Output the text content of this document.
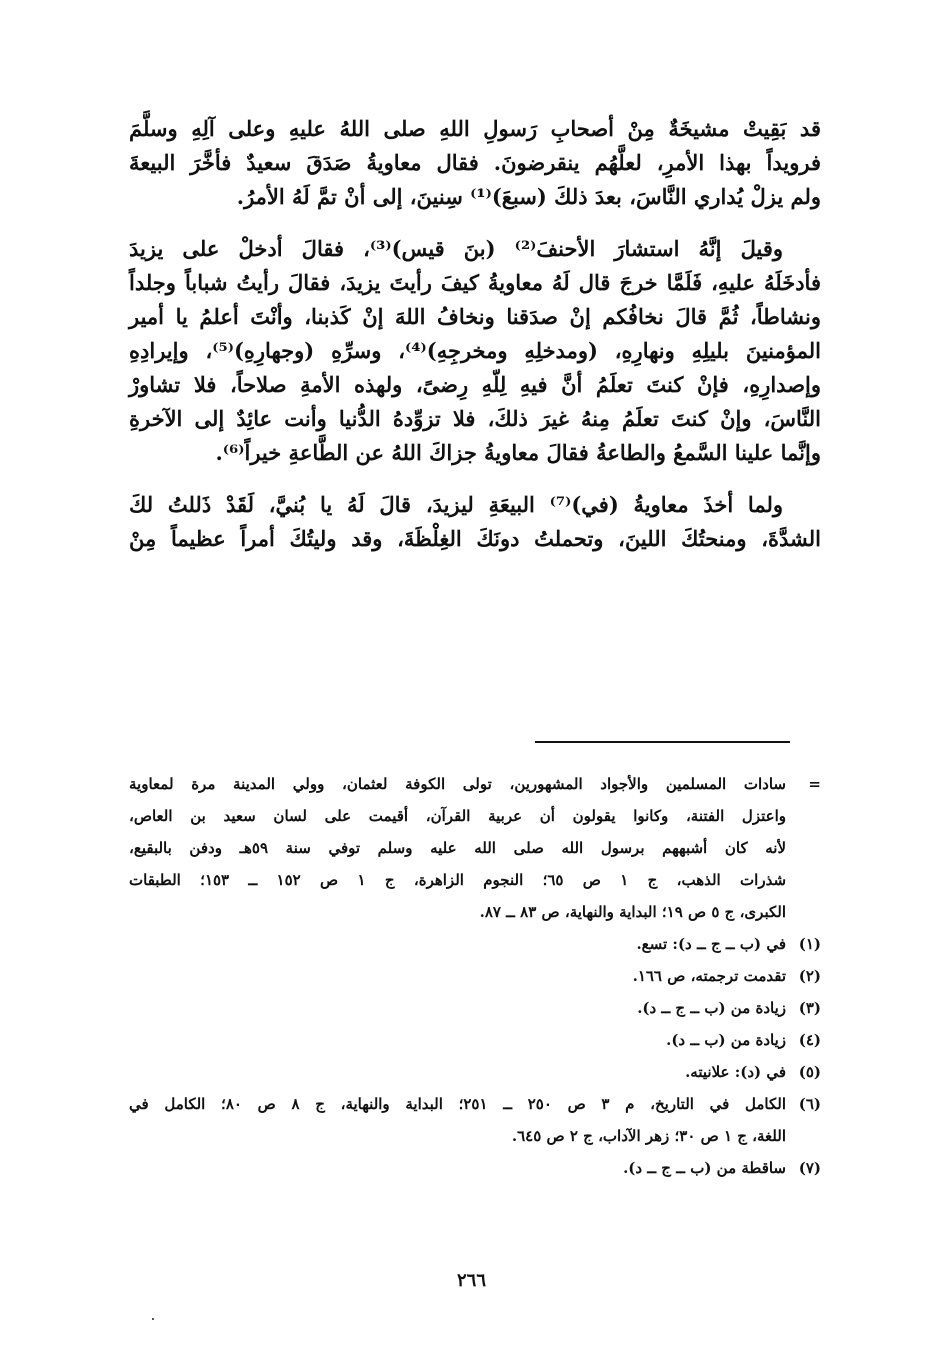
قد بَقِيتْ مشيخَةٌ مِنْ أصحابِ رَسولِ اللهِ صلى اللهُ عليهِ وعلى آلِهِ وسلَّمَ
فرويداً بهذا الأمرِ، لعلَّهُم ينقرضونَ. فقال معاويةُ صَدَقَ سعيدٌ فأخَّرَ البيعةَ
ولم يزلْ يُداري النَّاسَ، بعدَ ذلكَ (سبعَ)⁽¹⁾ سِنينَ، إلى أنْ تمَّ لَهُ الأمرُ.
وقيلَ إنَّهُ استشارَ الأحنفَ⁽²⁾ (بنَ قيس)⁽³⁾، فقالَ أدخلْ على يزيدَ
فأدخَلَهُ عليهِ، فَلَمَّا خرجَ قال لَهُ معاويةُ كيفَ رأيتَ يزيدَ، فقالَ رأيتُ شباباً وجلداً
ونشاطاً، ثُمَّ قالَ نخافُكم إنْ صدَقنا ونخافُ اللهَ إنْ كَذبنا، وأنْتَ أعلمُ يا أمير
المؤمنينَ بليلِهِ ونهارِهِ، (ومدخلِهِ ومخرجِهِ)⁽⁴⁾، وسرِّهِ (وجهارِهِ)⁽⁵⁾، وإيرادِهِ
وإصدارِهِ، فإنْ كنتَ تعلَمُ أنَّ فيهِ لِلّهِ رِضىً، ولهذه الأمةِ صلاحاً، فلا تشاورْ
النَّاسَ، وإنْ كنتَ تعلَمُ مِنهُ غيرَ ذلكَ، فلا تزوِّدهُ الدُّنيا وأنت عائِدٌ إلى الآخرةِ
وإنَّما علينا السَّمعُ والطاعةُ فقالَ معاويةُ جزاكَ اللهُ عن الطَّاعةِ خيراً⁽⁶⁾.
ولما أخذَ معاويةُ (في)⁽⁷⁾ البيعَةِ ليزيدَ، قالَ لَهُ يا بُنيَّ، لَقَدْ ذَللتُ لكَ
الشدَّةَ، ومنحتُكَ اللينَ، وتحملتُ دونَكَ الغِلْظَةَ، وقد وليتُكَ أمراً عظيماً مِنْ
=
سادات المسلمين والأجواد المشهورين، تولى الكوفة لعثمان، وولي المدينة مرة لمعاوية
واعتزل الفتنة، وكانوا يقولون أن عربية القرآن، أقيمت على لسان سعيد بن العاص،
لأنه كان أشبههم برسول الله صلى الله عليه وسلم توفي سنة ٥٩هـ ودفن بالبقيع،
شذرات الذهب، ج ١ ص ٦٥؛ النجوم الزاهرة، ج ١ ص ١٥٢ ــ ١٥٣؛ الطبقات
الكبرى، ج ٥ ص ١٩؛ البداية والنهاية، ص ٨٣ ــ ٨٧.
(١)في (ب ــ ج ــ د): تسع.
(٢)تقدمت ترجمته، ص ١٦٦.
(٣)زيادة من (ب ــ ج ــ د).
(٤)زيادة من (ب ــ د).
(٥)في (د): علانيته.
(٦)الكامل في التاريخ، م ٣ ص ٢٥٠ ــ ٢٥١؛ البداية والنهاية، ج ٨ ص ٨٠؛ الكامل في
اللغة، ج ١ ص ٣٠؛ زهر الآداب، ج ٢ ص ٦٤٥.
(٧)ساقطة من (ب ــ ج ــ د).
٢٦٦
